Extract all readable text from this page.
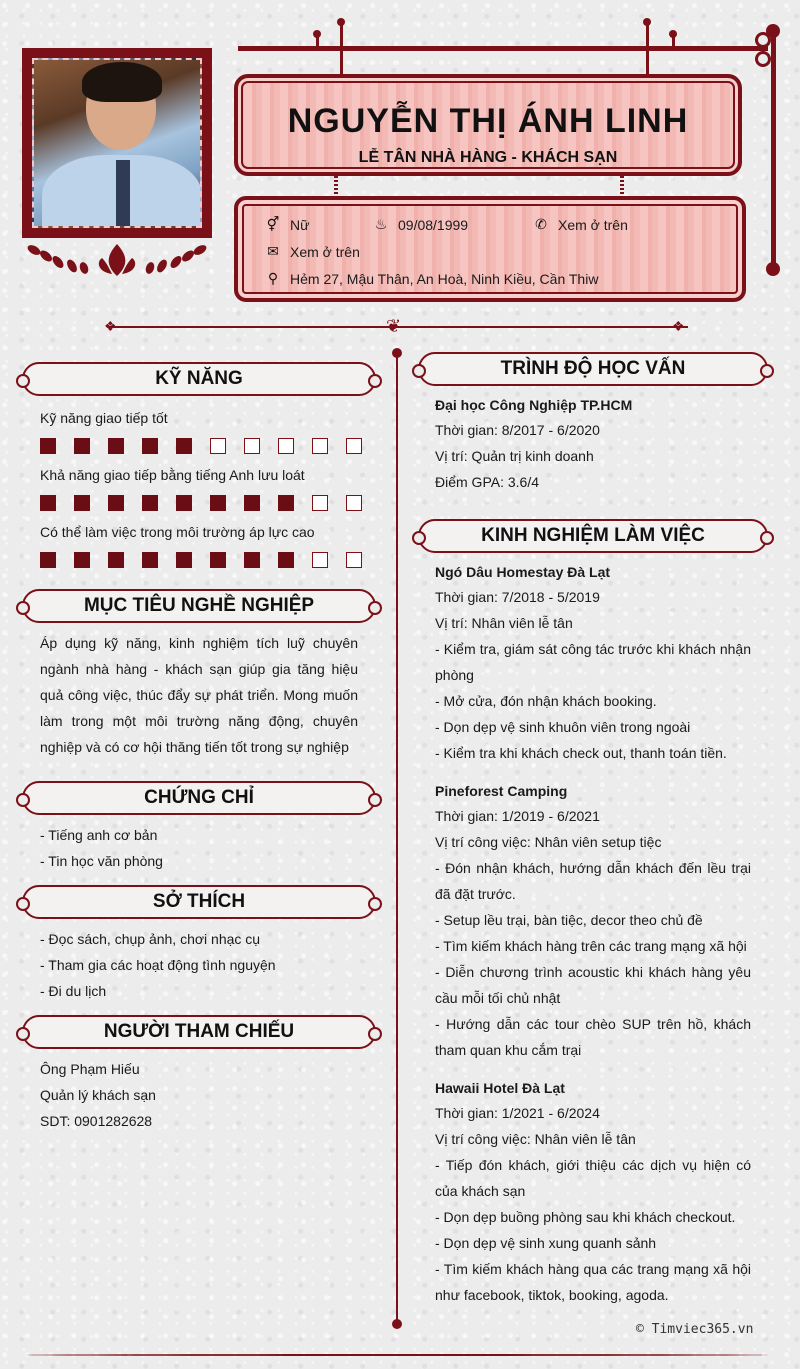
NGUYỄN THỊ ÁNH LINH
LỄ TÂN NHÀ HÀNG - KHÁCH SẠN
⚥ Nữ	♨ 09/08/1999	✆ Xem ở trên
✉ Xem ở trên
⚲ Hẻm 27, Mậu Thân, An Hoà, Ninh Kiều, Cần Thiw
❖	❦	❖
KỸ NĂNG
Kỹ năng giao tiếp tốt
Khả năng giao tiếp bằng tiếng Anh lưu loát
Có thể làm việc trong môi trường áp lực cao
MỤC TIÊU NGHỀ NGHIỆP
Áp dụng kỹ năng, kinh nghiệm tích luỹ chuyên ngành nhà hàng - khách sạn giúp gia tăng hiệu quả công việc, thúc đẩy sự phát triển. Mong muốn làm trong một môi trường năng động, chuyên nghiệp và có cơ hội thăng tiến tốt trong sự nghiệp
CHỨNG CHỈ
- Tiếng anh cơ bản
- Tin học văn phòng
SỞ THÍCH
- Đọc sách, chụp ảnh, chơi nhạc cụ
- Tham gia các hoạt động tình nguyện
- Đi du lịch
NGƯỜI THAM CHIẾU
Ông Phạm Hiếu
Quản lý khách sạn
SDT: 0901282628
TRÌNH ĐỘ HỌC VẤN
Đại học Công Nghiệp TP.HCM
Thời gian: 8/2017 - 6/2020
Vị trí: Quản trị kinh doanh
Điểm GPA: 3.6/4
KINH NGHIỆM LÀM VIỆC
Ngó Dâu Homestay Đà Lạt
Thời gian: 7/2018 - 5/2019
Vị trí: Nhân viên lễ tân
- Kiểm tra, giám sát công tác trước khi khách nhận phòng
- Mở cửa, đón nhận khách booking.
- Dọn dẹp vệ sinh khuôn viên trong ngoài
- Kiểm tra khi khách check out, thanh toán tiền.
Pineforest Camping
Thời gian: 1/2019 - 6/2021
Vị trí công việc: Nhân viên setup tiệc
- Đón nhận khách, hướng dẫn khách đến lều trại đã đặt trước.
- Setup lều trại, bàn tiệc, decor theo chủ đề
- Tìm kiếm khách hàng trên các trang mạng xã hội
- Diễn chương trình acoustic khi khách hàng yêu cầu mỗi tối chủ nhật
- Hướng dẫn các tour chèo SUP trên hồ, khách tham quan khu cắm trại
Hawaii Hotel Đà Lạt
Thời gian: 1/2021 - 6/2024
Vị trí công việc: Nhân viên lễ tân
- Tiếp đón khách, giới thiệu các dịch vụ hiện có của khách sạn
- Dọn dẹp buồng phòng sau khi khách checkout.
- Dọn dẹp vệ sinh xung quanh sảnh
- Tìm kiếm khách hàng qua các trang mạng xã hội như facebook, tiktok, booking, agoda.
© Timviec365.vn
